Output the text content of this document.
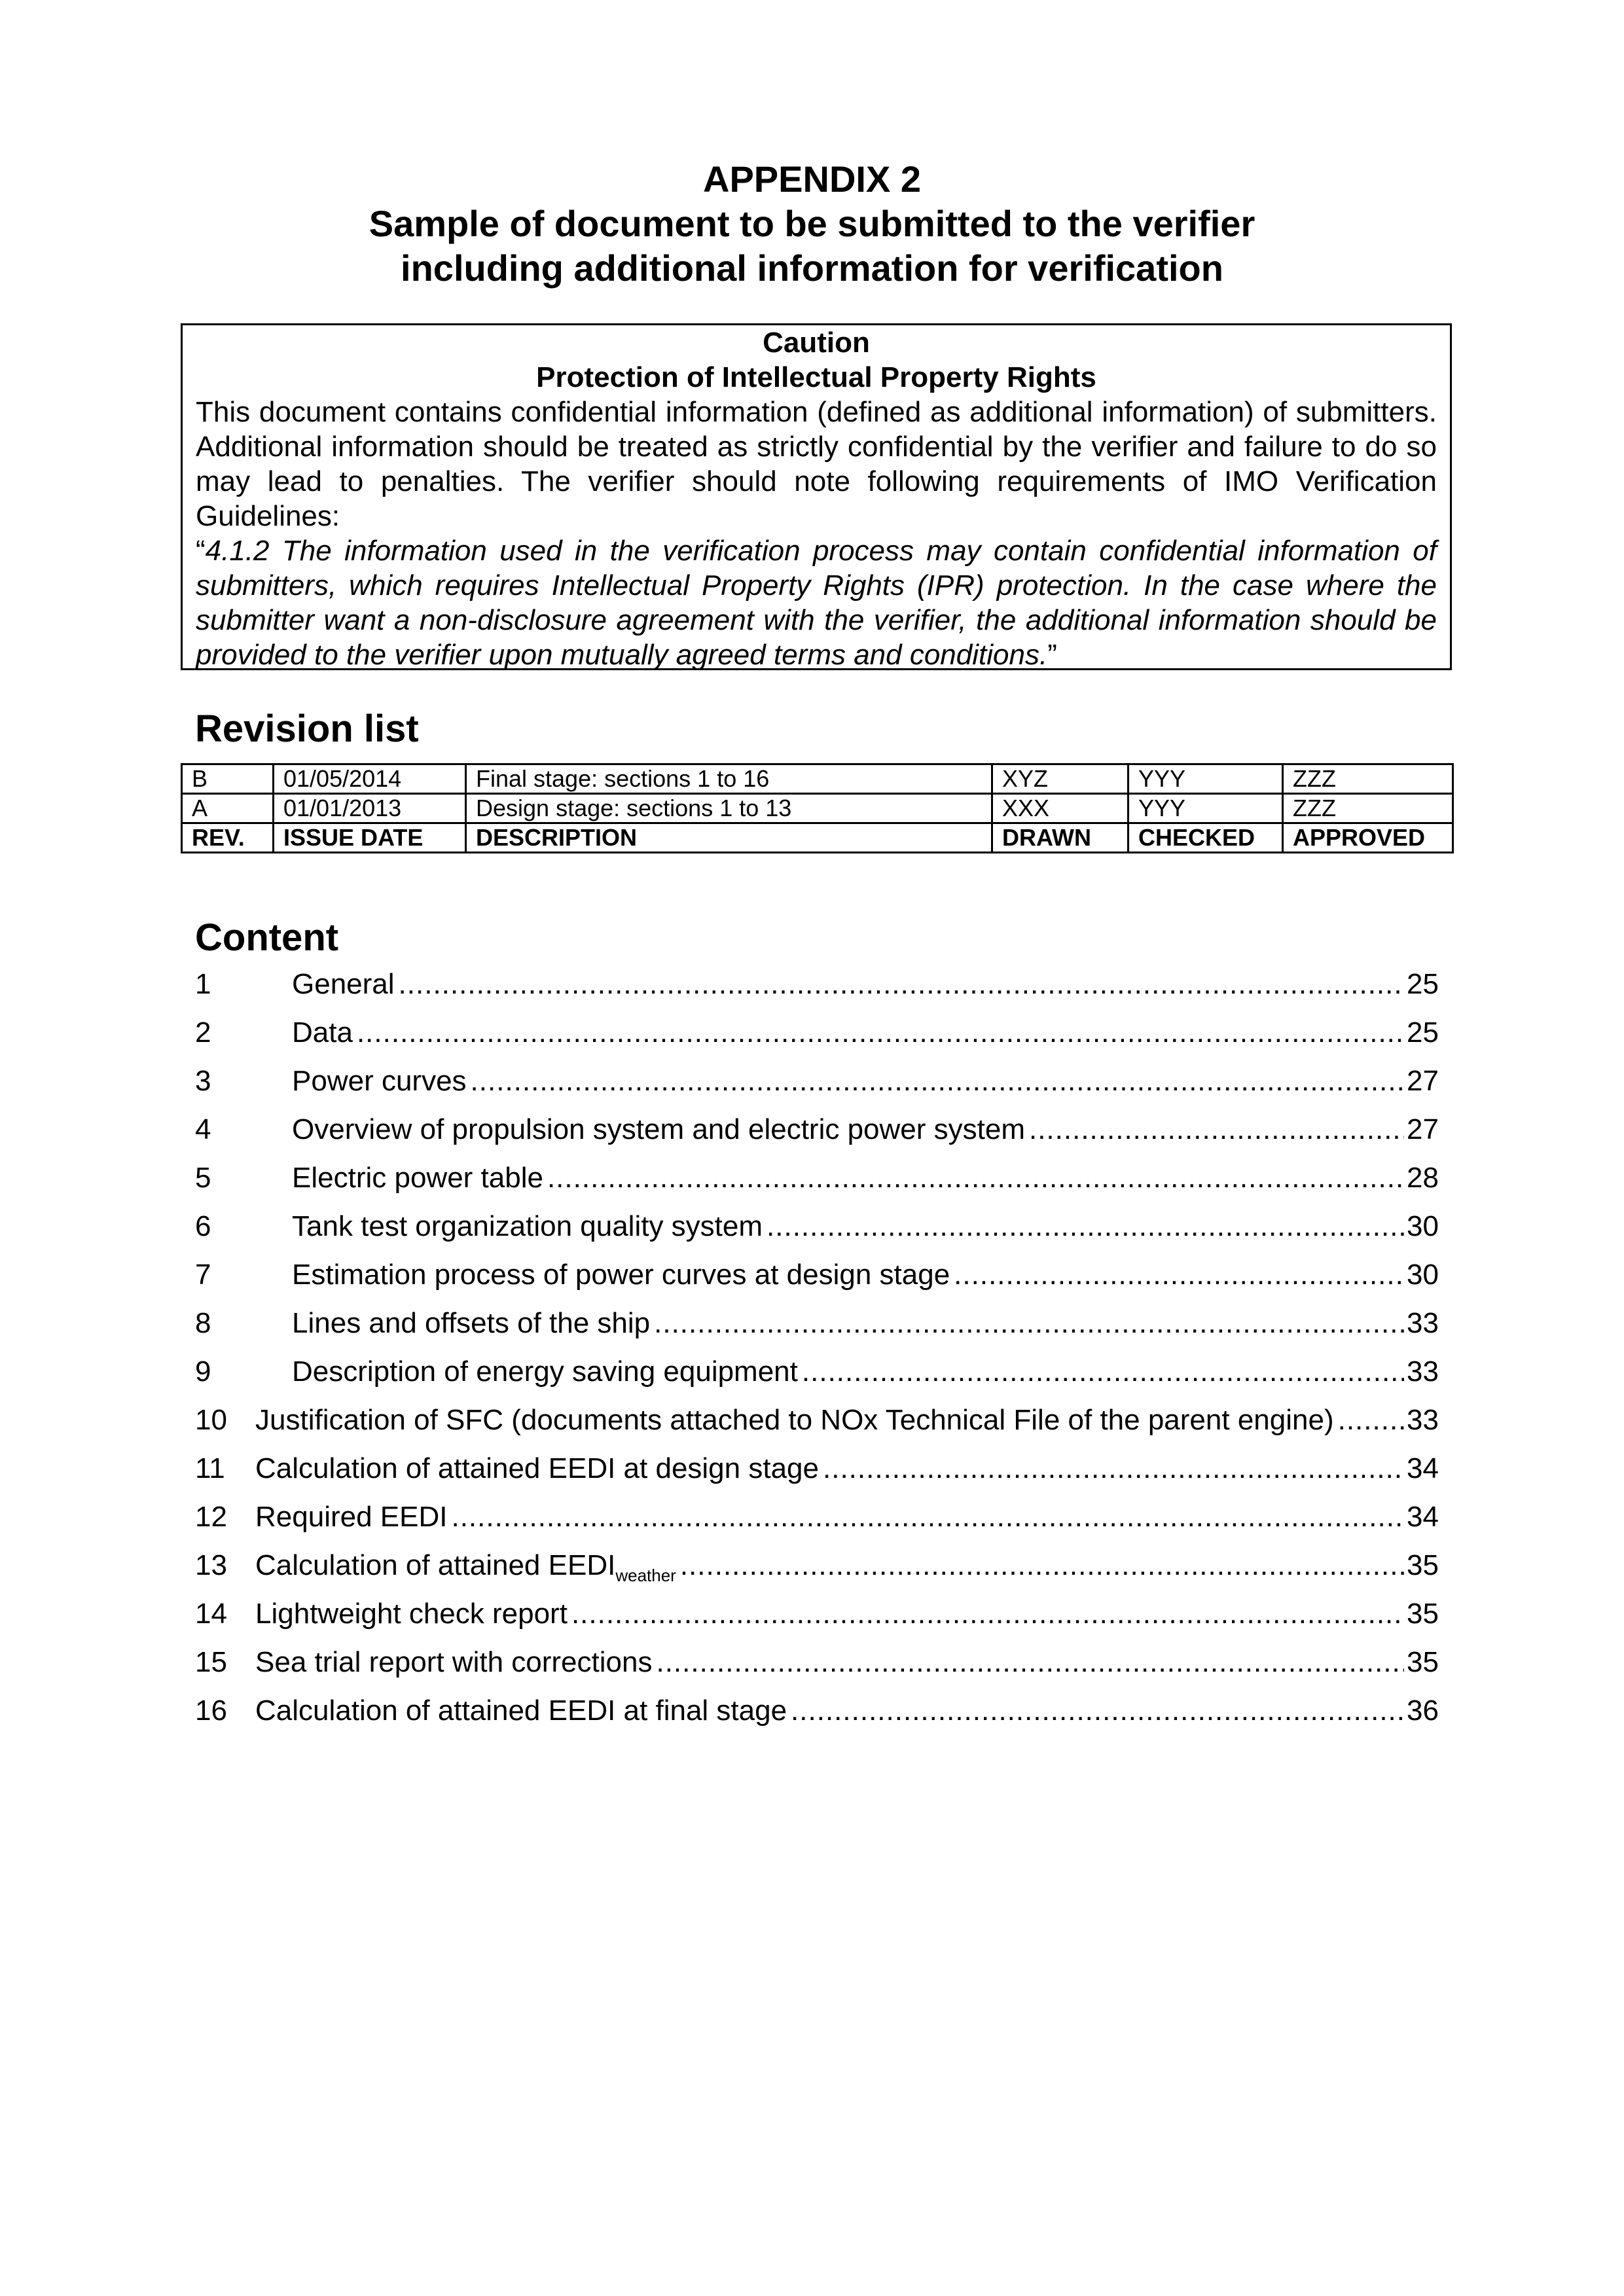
APPENDIX 2
Sample of document to be submitted to the verifier
including additional information for verification
Caution
Protection of Intellectual Property Rights
This document contains confidential information (defined as additional information) of submitters. Additional information should be treated as strictly confidential by the verifier and failure to do so may lead to penalties. The verifier should note following requirements of IMO Verification Guidelines:
“4.1.2 The information used in the verification process may contain confidential information of submitters, which requires Intellectual Property Rights (IPR) protection. In the case where the submitter want a non-disclosure agreement with the verifier, the additional information should be provided to the verifier upon mutually agreed terms and conditions.”
Revision list
B	01/05/2014	Final stage: sections 1 to 16	XYZ	YYY	ZZZ
A	01/01/2013	Design stage: sections 1 to 13	XXX	YYY	ZZZ
REV.	ISSUE DATE	DESCRIPTION	DRAWN	CHECKED	APPROVED
Content
1	General .....	25
2	Data .....	25
3	Power curves .....	27
4	Overview of propulsion system and electric power system .....	27
5	Electric power table .....	28
6	Tank test organization quality system .....	30
7	Estimation process of power curves at design stage .....	30
8	Lines and offsets of the ship .....	33
9	Description of energy saving equipment .....	33
10 Justification of SFC (documents attached to NOx Technical File of the parent engine) .....	33
11	Calculation of attained EEDI at design stage .....	34
12 Required EEDI .....	34
13 Calculation of attained $EEDI_{weather}$ .....	35
14 Lightweight check report .....	35
15 Sea trial report with corrections .....	35
16 Calculation of attained EEDI at final stage .....	36
